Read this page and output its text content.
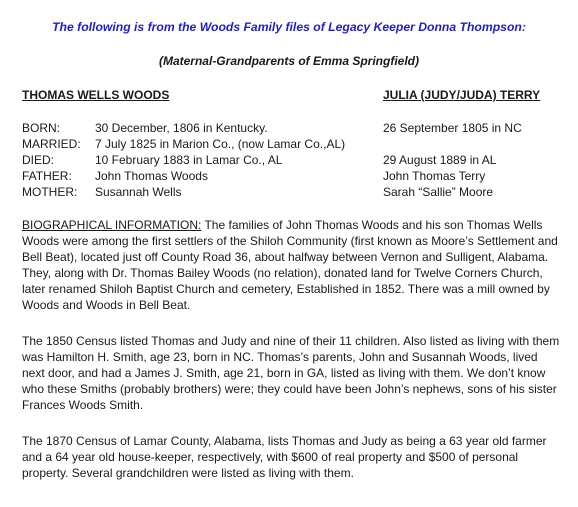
The following is from the Woods Family files of Legacy Keeper Donna Thompson:
(Maternal-Grandparents of Emma Springfield)
THOMAS WELLS WOODS	JULIA (JUDY/JUDA) TERRY
BORN:	30 December, 1806 in Kentucky.	26 September 1805 in NC
MARRIED: 7 July 1825 in Marion Co., (now Lamar Co.,AL)
DIED:	10 February 1883 in Lamar Co., AL	29 August 1889 in AL
FATHER: John Thomas Woods	John Thomas Terry
MOTHER: Susannah Wells	Sarah “Sallie” Moore

BIOGRAPHICAL INFORMATION: The families of John Thomas Woods and his son Thomas Wells Woods were among the first settlers of the Shiloh Community (first known as Moore’s Settlement and Bell Beat), located just off County Road 36, about halfway between Vernon and Sulligent, Alabama. They, along with Dr. Thomas Bailey Woods (no relation), donated land for Twelve Corners Church, later renamed Shiloh Baptist Church and cemetery, Established in 1852. There was a mill owned by Woods and Woods in Bell Beat.

The 1850 Census listed Thomas and Judy and nine of their 11 children. Also listed as living with them was Hamilton H. Smith, age 23, born in NC. Thomas’s parents, John and Susannah Woods, lived next door, and had a James J. Smith, age 21, born in GA, listed as living with them. We don’t know who these Smiths (probably brothers) were; they could have been John’s nephews, sons of his sister Frances Woods Smith.

The 1870 Census of Lamar County, Alabama, lists Thomas and Judy as being a 63 year old farmer and a 64 year old house-keeper, respectively, with $600 of real property and $500 of personal property. Several grandchildren were listed as living with them.
